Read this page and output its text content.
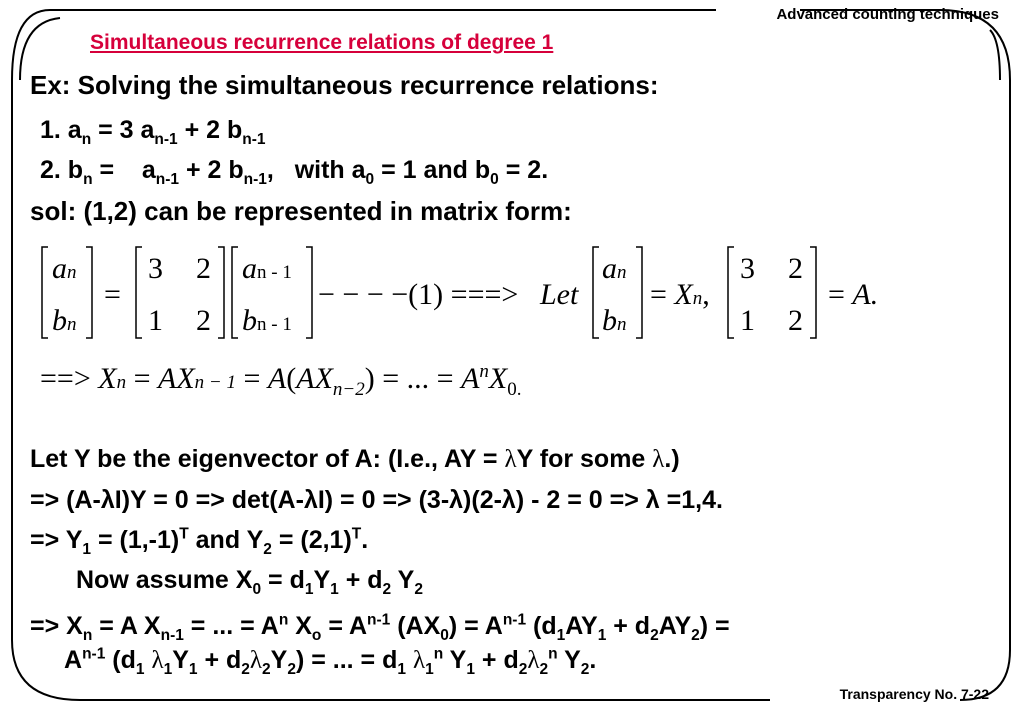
Advanced counting techniques
Transparency No. 7-22
Simultaneous recurrence relations of degree 1
Ex: Solving the simultaneous recurrence relations:
1. $a_n = 3$ $a_{n-1} + 2$ $b_{n-1}$
2. $b_n$ =    $a_{n-1} + 2$ $b_{n-1}$,   with $a_0 = 1$ and $b_0 = 2$.
sol: (1,2) can be represented in matrix form:
an
bn
=
3 2
1 2
an - 1
bn - 1
− − − −(1) ===> Let
an
bn
= Xn,
3 2
1 2
= A.
==> Xn = AXn − $1 = A(AX_{n-2})$ = ... = $A^nX_{0.}$
Let Y be the eigenvector of A: (I.e., AY = λY for some λ.)
=> (A-λI)Y = 0 => det(A-λI) = 0 => (3-λ)(2-λ) - 2 = 0 => λ =1,4.
=> $Y_1 = (1,-1)^T$ and $Y_2 = (2,1)^T$.
Now assume $X_0 = d_1Y_1 + d_2$ $Y_2$
=> $X_n = A$ $X_{n-1}$ = ... = $A^n$ $X_o = A^{n-1}$ $(AX_0) = A^{n-1}$ $(d_1AY_1 + d_2AY_2)$ =
$A^{n-1}$ ($d_1$ $\lambda_1Y_1 + d_2\lambda_2Y_2$) = ... = $d_1$ $\lambda_1^n$ $Y_1 + d_2\lambda_2^n$ $Y_2$.
